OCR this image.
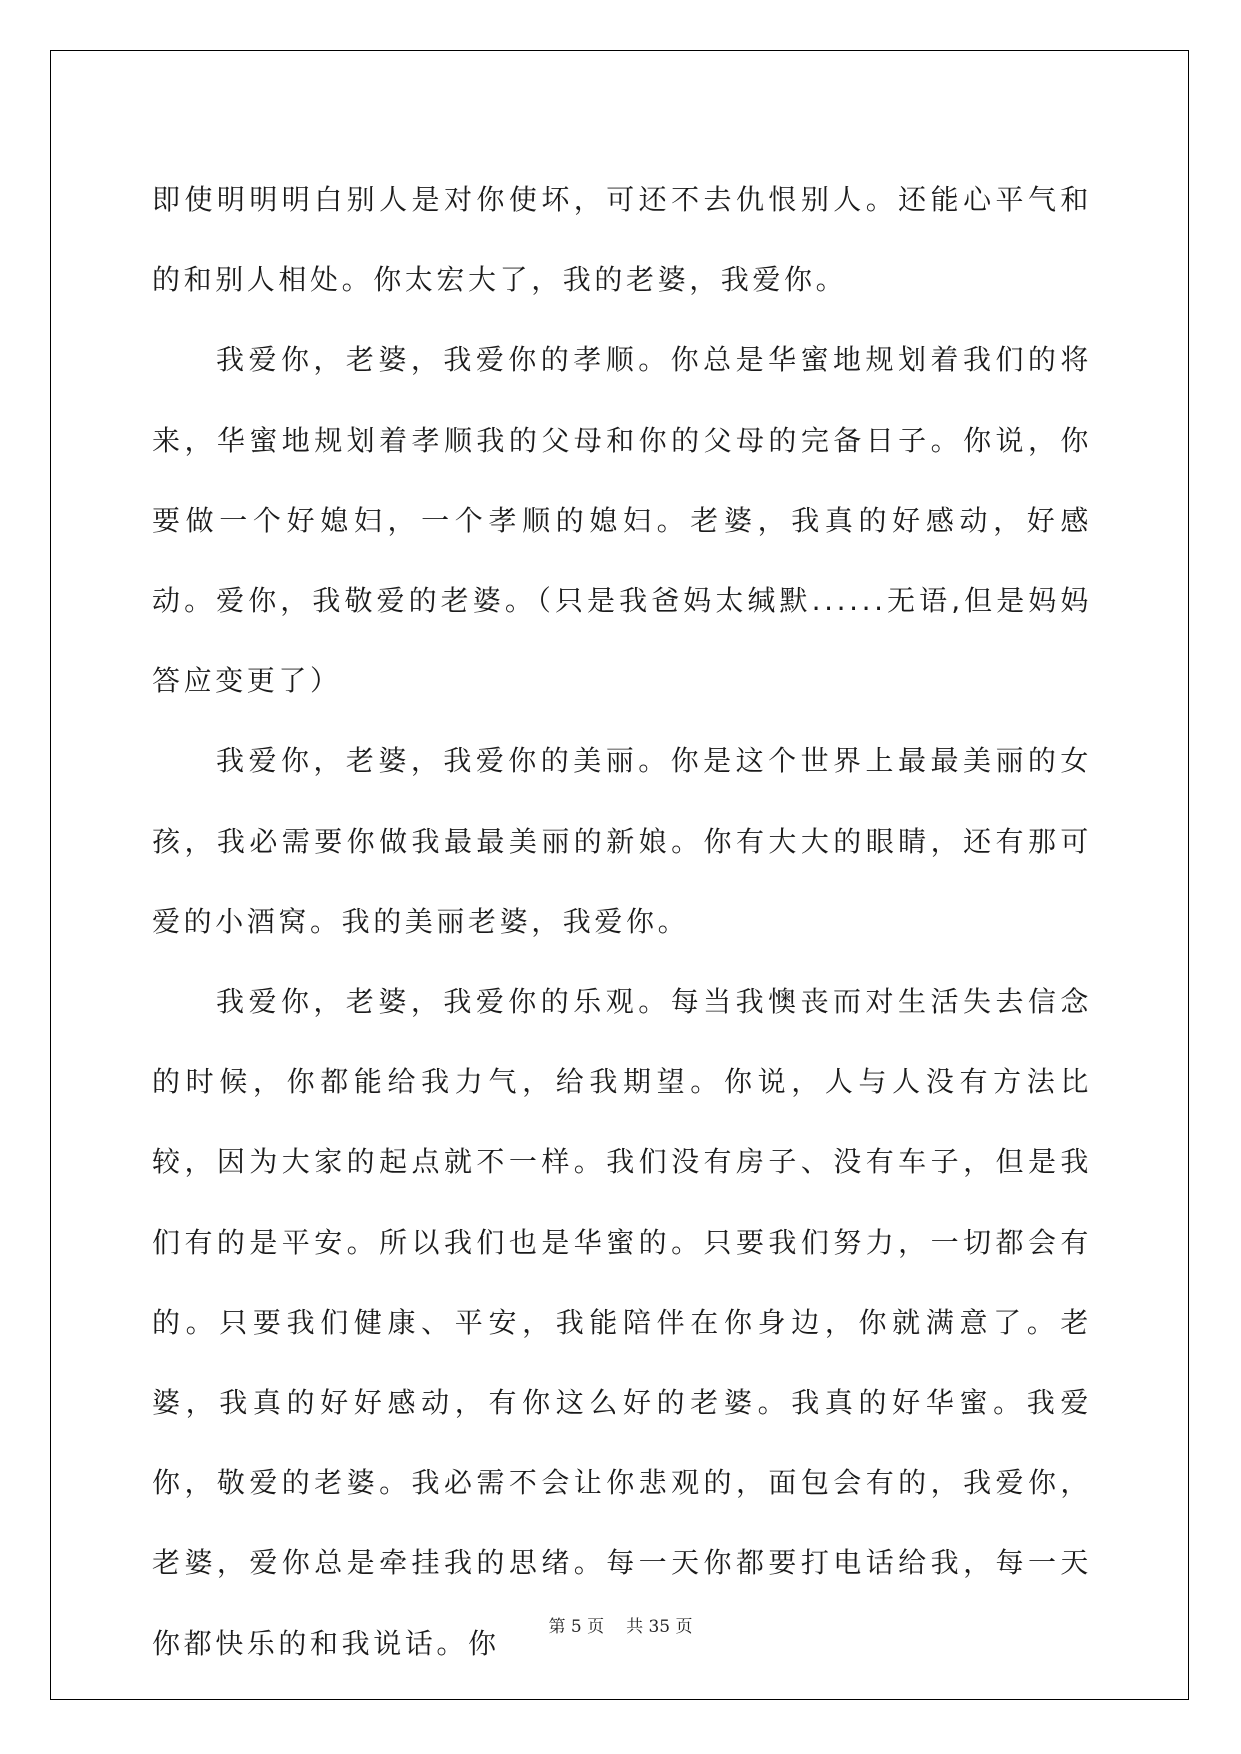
即使明明明白别人是对你使坏，可还不去仇恨别人。还能心平气和的和别人相处。你太宏大了，我的老婆，我爱你。

我爱你，老婆，我爱你的孝顺。你总是华蜜地规划着我们的将来，华蜜地规划着孝顺我的父母和你的父母的完备日子。你说，你要做一个好媳妇，一个孝顺的媳妇。老婆，我真的好感动，好感动。爱你，我敬爱的老婆。（只是我爸妈太缄默......无语,但是妈妈答应变更了）

我爱你，老婆，我爱你的美丽。你是这个世界上最最美丽的女孩，我必需要你做我最最美丽的新娘。你有大大的眼睛，还有那可爱的小酒窝。我的美丽老婆，我爱你。

我爱你，老婆，我爱你的乐观。每当我懊丧而对生活失去信念的时候，你都能给我力气，给我期望。你说，人与人没有方法比较，因为大家的起点就不一样。我们没有房子、没有车子，但是我们有的是平安。所以我们也是华蜜的。只要我们努力，一切都会有的。只要我们健康、平安，我能陪伴在你身边，你就满意了。老婆，我真的好好感动，有你这么好的老婆。我真的好华蜜。我爱你，敬爱的老婆。我必需不会让你悲观的，面包会有的，我爱你，老婆，爱你总是牵挂我的思绪。每一天你都要打电话给我，每一天你都快乐的和我说话。你	第 5 页 共 35 页
